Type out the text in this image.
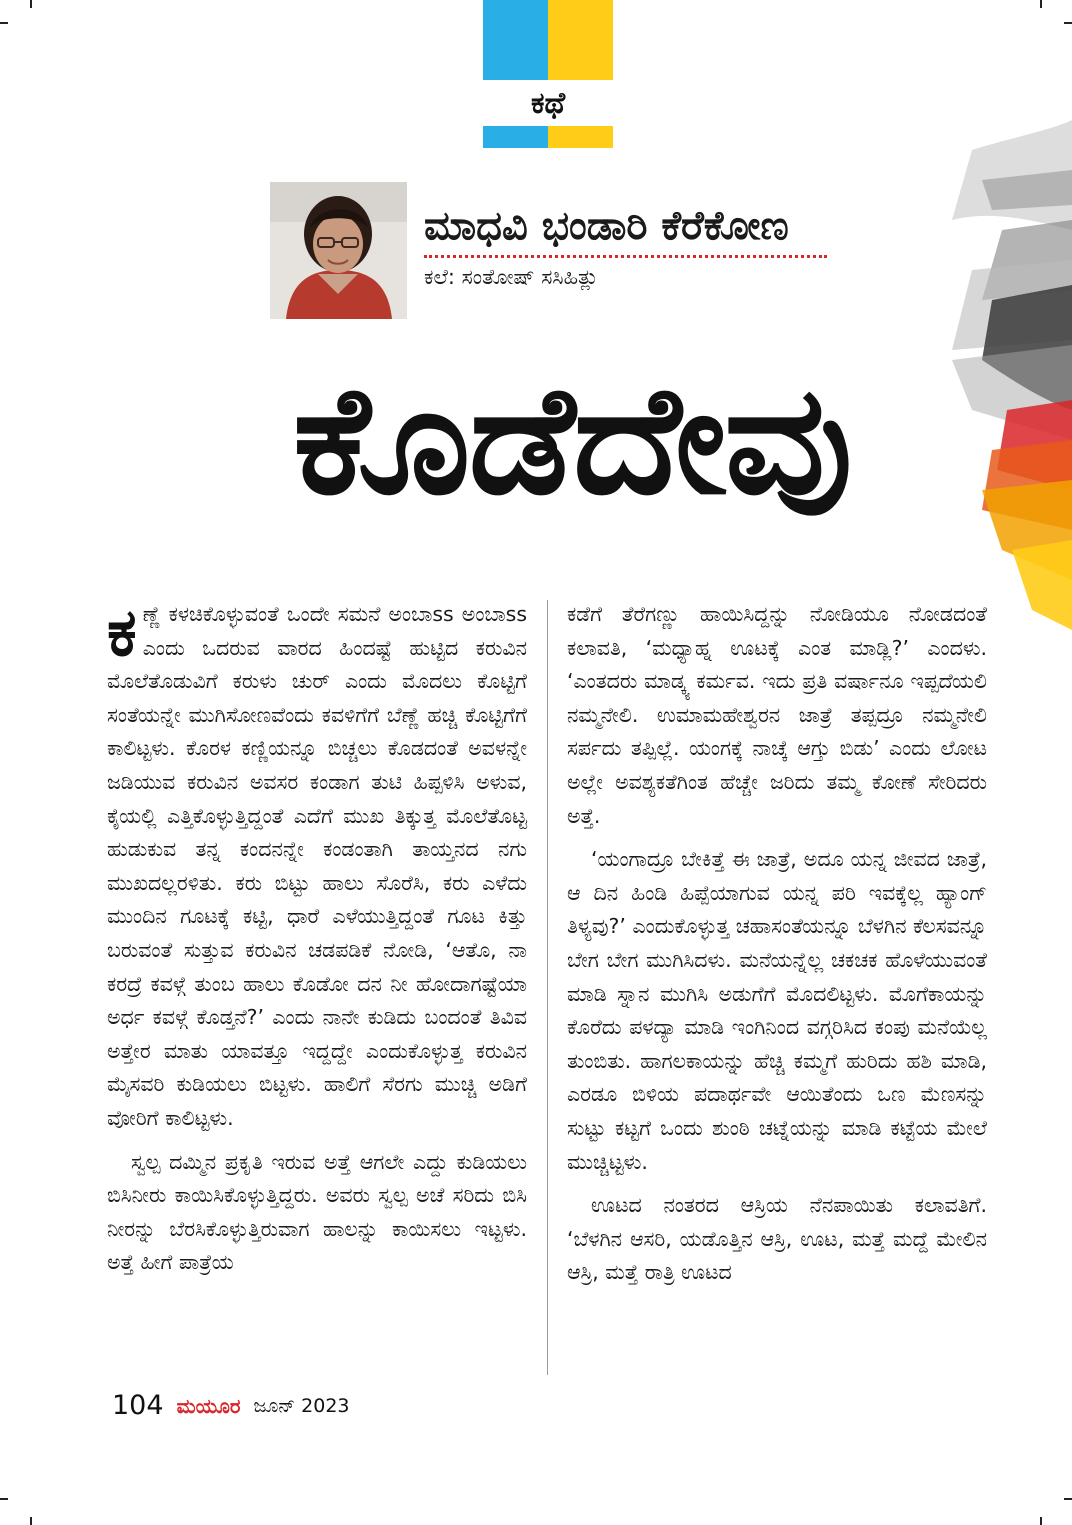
ಕಥೆ
ಮಾಧವಿ ಭಂಡಾರಿ ಕೆರೆಕೋಣ
ಕಲೆ: ಸಂತೋಷ್ ಸಸಿಹಿತ್ಲು
ಕೊಡೆದೇವು

ಕಣ್ಣೆ ಕಳಚಿಕೊಳ್ಳುವಂತೆ ಒಂದೇ ಸಮನೆ ಅಂಬಾss ಅಂಬಾss ಎಂದು ಒದರುವ ವಾರದ ಹಿಂದಷ್ಟೆ ಹುಟ್ಟಿದ ಕರುವಿನ ಮೊಲೆತೊಡುವಿಗೆ ಕರುಳು ಚುರ್ ಎಂದು ಮೊದಲು ಕೊಟ್ಟಿಗೆ ಸಂತೆಯನ್ನೇ ಮುಗಿಸೋಣವೆಂದು ಕವಳಿಗೆಗೆ ಬೆಣ್ಣೆ ಹಚ್ಚಿ ಕೊಟ್ಟಿಗೆಗೆ ಕಾಲಿಟ್ಟಳು. ಕೊರಳ ಕಣ್ಣಿಯನ್ನೂ ಬಿಚ್ಚಲು ಕೊಡದಂತೆ ಅವಳನ್ನೇ ಜಡಿಯುವ ಕರುವಿನ ಅವಸರ ಕಂಡಾಗ ತುಟಿ ಹಿಪ್ಪಳಿಸಿ ಅಳುವ, ಕೈಯಲ್ಲಿ ಎತ್ತಿಕೊಳ್ಳುತ್ತಿದ್ದಂತೆ ಎದೆಗೆ ಮುಖ ತಿಕ್ಕುತ್ತ ಮೊಲೆತೊಟ್ಟ ಹುಡುಕುವ ತನ್ನ ಕಂದನನ್ನೇ ಕಂಡಂತಾಗಿ ತಾಯ್ತನದ ನಗು ಮುಖದಲ್ಲರಳಿತು. ಕರು ಬಿಟ್ಟು ಹಾಲು ಸೊರೆಸಿ, ಕರು ಎಳೆದು ಮುಂದಿನ ಗೂಟಕ್ಕೆ ಕಟ್ಟಿ, ಧಾರೆ ಎಳೆಯುತ್ತಿದ್ದಂತೆ ಗೂಟ ಕಿತ್ತು ಬರುವಂತೆ ಸುತ್ತುವ ಕರುವಿನ ಚಡಪಡಿಕೆ ನೋಡಿ, ‘ಆತೊ, ನಾ ಕರದ್ರೆ ಕವಳ್ಗೆ ತುಂಬ ಹಾಲು ಕೊಡೋ ದನ ನೀ ಹೋದಾಗಷ್ಟೆಯಾ ಅರ್ಧ ಕವಳ್ಗೆ ಕೊಡ್ತನೆ?’ ಎಂದು ನಾನೇ ಕುಡಿದು ಬಂದಂತೆ ತಿವಿವ ಅತ್ತೇರ ಮಾತು ಯಾವತ್ತೂ ಇದ್ದದ್ದೇ ಎಂದುಕೊಳ್ಳುತ್ತ ಕರುವಿನ ಮೈಸವರಿ ಕುಡಿಯಲು ಬಿಟ್ಟಳು. ಹಾಲಿಗೆ ಸೆರಗು ಮುಚ್ಚಿ ಅಡಿಗೆ ವೋರಿಗೆ ಕಾಲಿಟ್ಟಳು.

ಸ್ವಲ್ಪ ದಮ್ಮಿನ ಪ್ರಕೃತಿ ಇರುವ ಅತ್ತೆ ಆಗಲೇ ಎದ್ದು ಕುಡಿಯಲು ಬಿಸಿನೀರು ಕಾಯಿಸಿಕೊಳ್ಳುತ್ತಿದ್ದರು. ಅವರು ಸ್ವಲ್ಪ ಅಚೆ ಸರಿದು ಬಿಸಿ ನೀರನ್ನು ಬೆರಸಿಕೊಳ್ಳುತ್ತಿರುವಾಗ ಹಾಲನ್ನು ಕಾಯಿಸಲು ಇಟ್ಟಳು. ಅತ್ತೆ ಹೀಗೆ ಪಾತ್ರೆಯ

ಕಡೆಗೆ ತೆರೆಗಣ್ಣು ಹಾಯಿಸಿದ್ದನ್ನು ನೋಡಿಯೂ ನೋಡದಂತೆ ಕಲಾವತಿ, ‘ಮಧ್ಯಾಹ್ನ ಊಟಕ್ಕೆ ಎಂತ ಮಾಡ್ಲಿ?’ ಎಂದಳು. ‘ಎಂತದರು ಮಾಡ್ಕ್ಯ ಕರ್ಮವ. ಇದು ಪ್ರತಿ ವರ್ಷಾನೂ ಇಪ್ಪದೆಯಲಿ ನಮ್ಮನೇಲಿ. ಉಮಾಮಹೇಶ್ವರನ ಜಾತ್ರೆ ತಪ್ಪದ್ರೂ ನಮ್ಮನೇಲಿ ಸರ್ಪದು ತಪ್ಪಿಲ್ಲೆ. ಯಂಗಕ್ಕೆ ನಾಚ್ಕೆ ಆಗ್ತು ಬಿಡು’ ಎಂದು ಲೋಟ ಅಲ್ಲೇ ಅವಶ್ಯಕತೆಗಿಂತ ಹೆಚ್ಚೇ ಜರಿದು ತಮ್ಮ ಕೋಣೆ ಸೇರಿದರು ಅತ್ತೆ.

‘ಯಂಗಾದ್ರೂ ಬೇಕಿತ್ತೆ ಈ ಜಾತ್ರೆ, ಅದೂ ಯನ್ನ ಜೀವದ ಜಾತ್ರೆ, ಆ ದಿನ ಹಿಂಡಿ ಹಿಪ್ಪೆಯಾಗುವ ಯನ್ನ ಪರಿ ಇವಕ್ಕೆಲ್ಲ ಹ್ಯಾಂಗ್ ತಿಳ್ಯವು?’ ಎಂದುಕೊಳ್ಳುತ್ತ ಚಹಾಸಂತೆಯನ್ನೂ ಬೆಳಗಿನ ಕೆಲಸವನ್ನೂ ಬೇಗ ಬೇಗ ಮುಗಿಸಿದಳು. ಮನೆಯನ್ನೆಲ್ಲ ಚಕಚಕ ಹೊಳೆಯುವಂತೆ ಮಾಡಿ ಸ್ನಾನ ಮುಗಿಸಿ ಅಡುಗೆಗೆ ಮೊದಲಿಟ್ಟಳು. ಮೊಗೆಕಾಯನ್ನು ಕೊರೆದು ಪಳದ್ಯಾ ಮಾಡಿ ಇಂಗಿನಿಂದ ವಗ್ಗರಿಸಿದ ಕಂಪು ಮನೆಯೆಲ್ಲ ತುಂಬಿತು. ಹಾಗಲಕಾಯನ್ನು ಹೆಚ್ಚಿ ಕಮ್ಮಗೆ ಹುರಿದು ಹಶಿ ಮಾಡಿ, ಎರಡೂ ಬಿಳಿಯ ಪದಾರ್ಥವೇ ಆಯಿತೆಂದು ಒಣ ಮೆಣಸನ್ನು ಸುಟ್ಟು ಕಟ್ಟಗೆ ಒಂದು ಶುಂಠಿ ಚಟ್ನೆಯನ್ನು ಮಾಡಿ ಕಟ್ಟೆಯ ಮೇಲೆ ಮುಚ್ಚಿಟ್ಟಳು.

ಊಟದ ನಂತರದ ಆಸ್ರಿಯ ನೆನಪಾಯಿತು ಕಲಾವತಿಗೆ. ‘ಬೆಳಗಿನ ಆಸರಿ, ಯಡೊತ್ತಿನ ಆಸ್ರಿ, ಊಟ, ಮತ್ತೆ ಮದ್ದೆ ಮೇಲಿನ ಆಸ್ರಿ, ಮತ್ತೆ ರಾತ್ರಿ ಊಟದ

104 ಮಯೂರ ಜೂನ್ 2023
